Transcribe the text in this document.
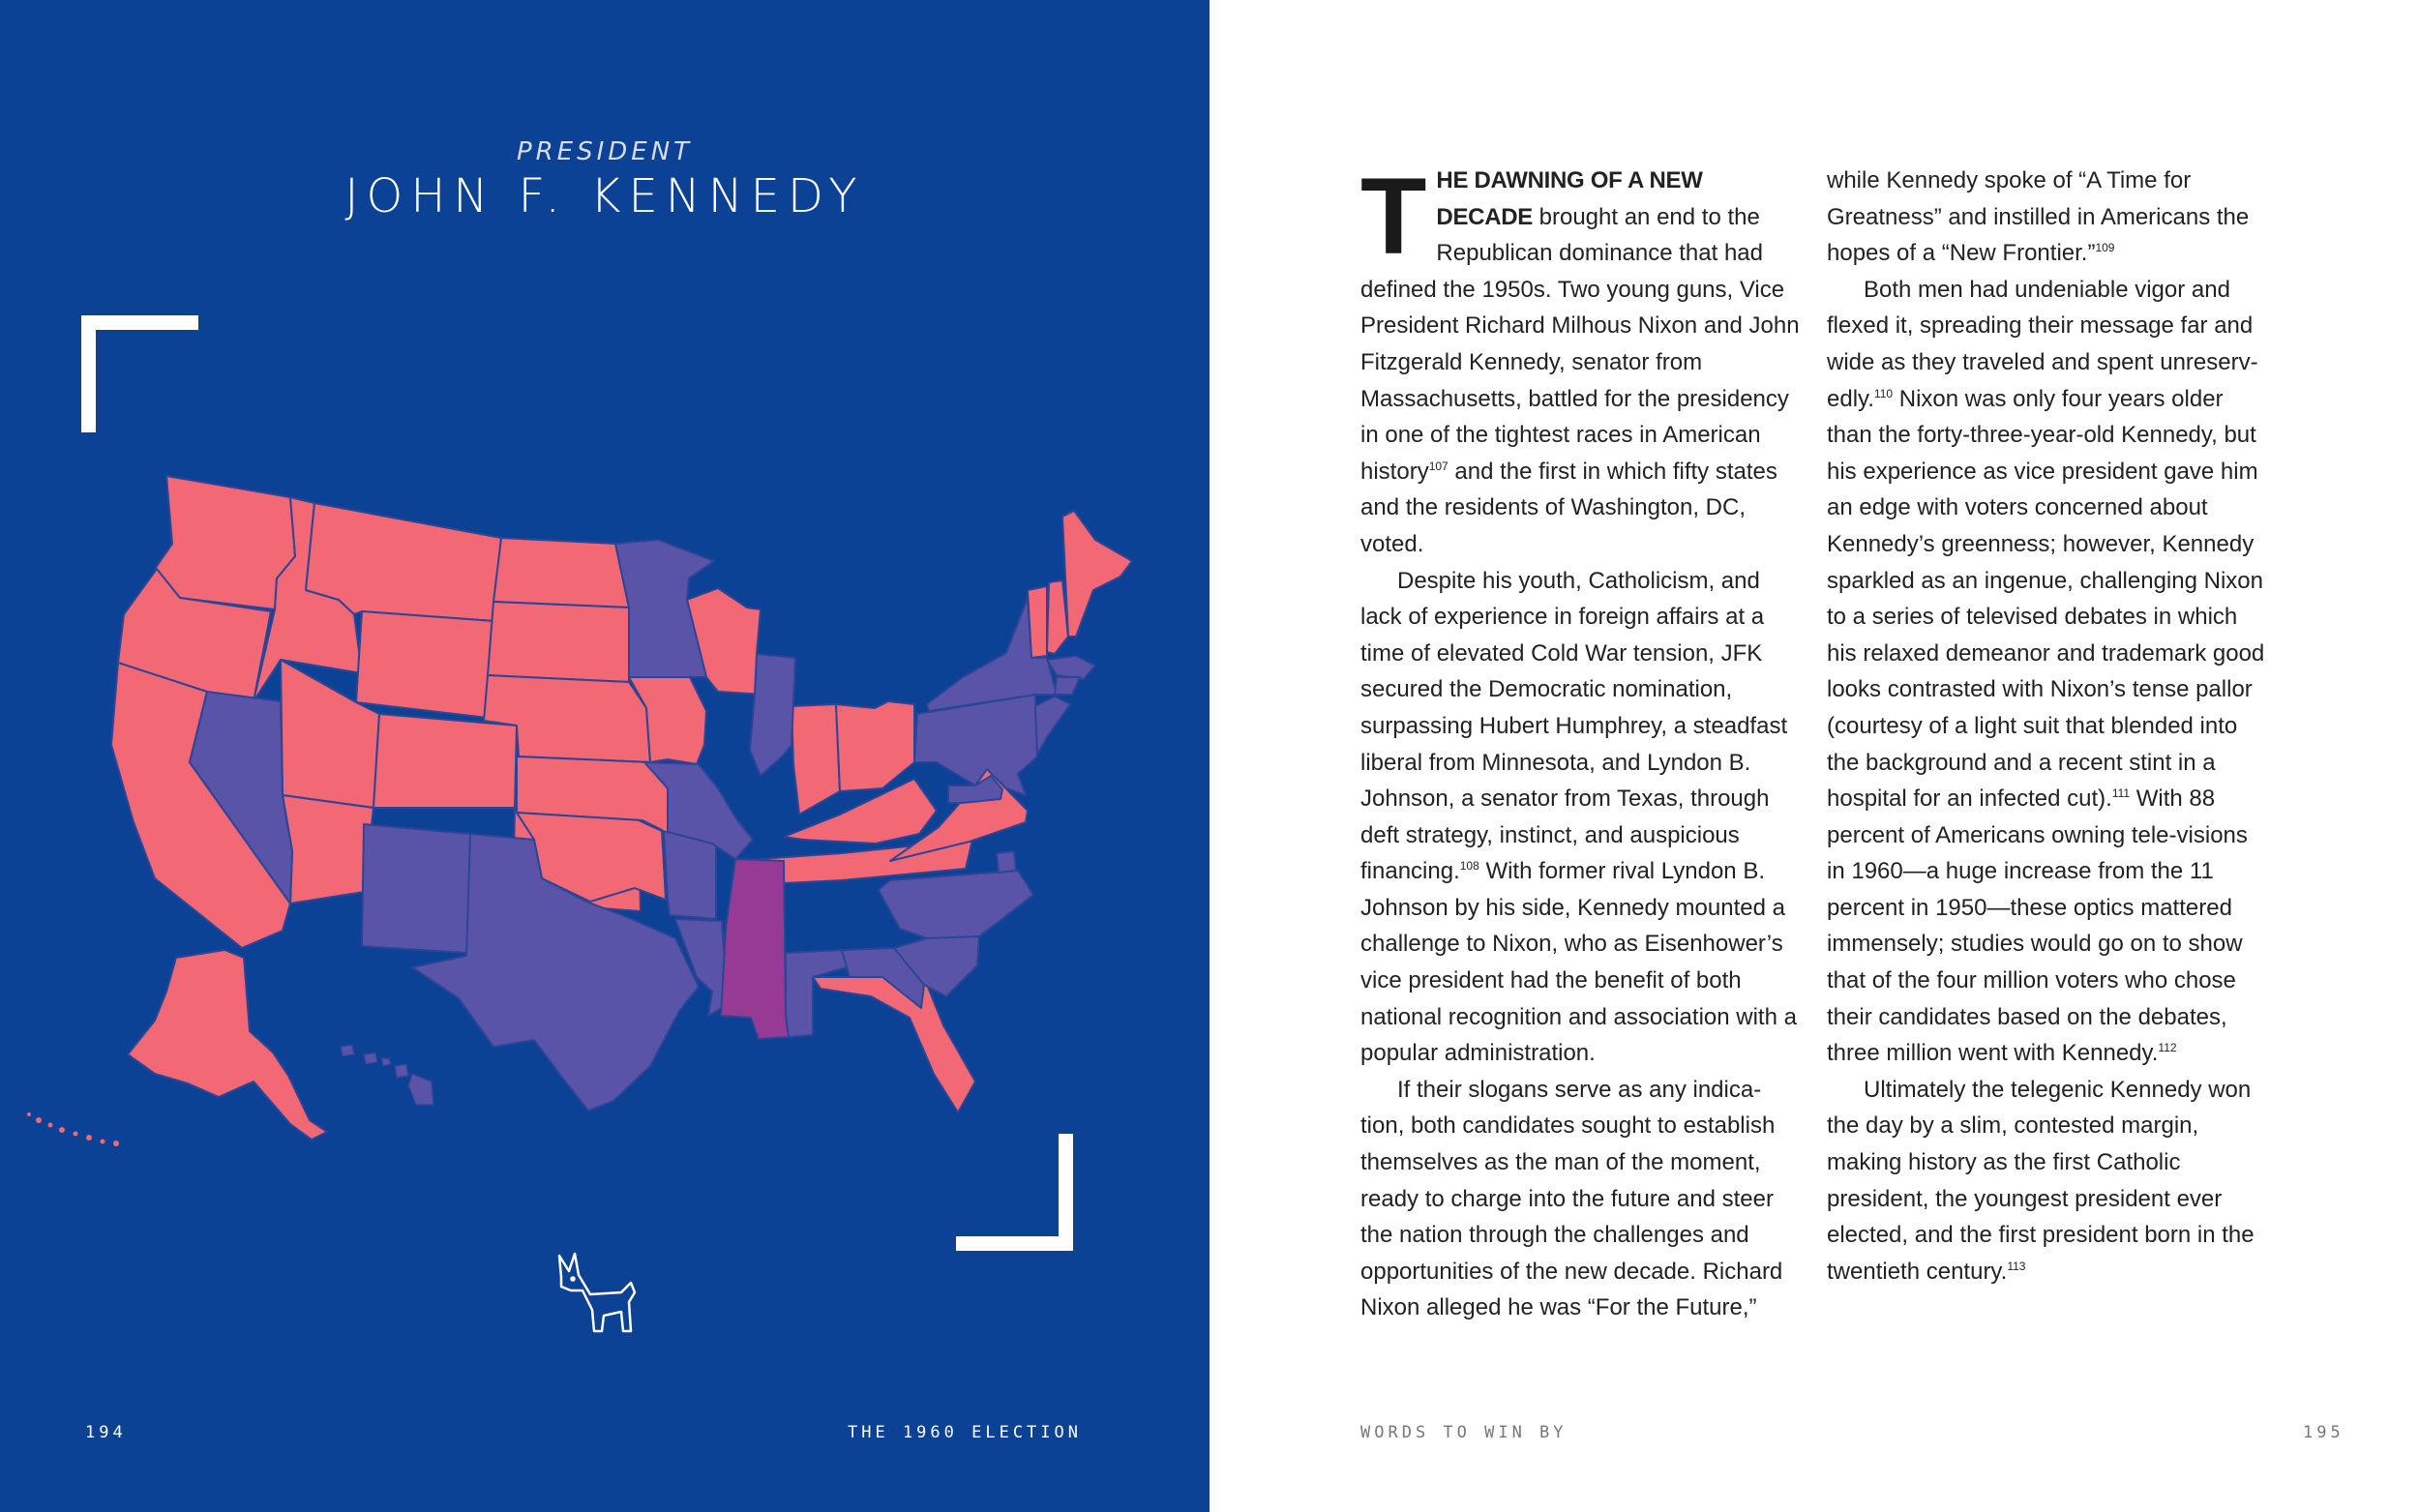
PRESIDENT
JOHN F. KENNEDY
194	THE 1960 ELECTION

THE DAWNING OF A NEW DECADE brought an end to the Republican dominance that had defined the 1950s. Two young guns, Vice President Richard Milhous Nixon and John Fitzgerald Kennedy, senator from Massachusetts, battled for the presidency in one of the tightest races in American history$^{107}$ and the first in which fifty states and the residents of Washington, DC, voted.

Despite his youth, Catholicism, and lack of experience in foreign affairs at a time of elevated Cold War tension, JFK secured the Democratic nomination, surpassing Hubert Humphrey, a steadfast liberal from Minnesota, and Lyndon B. Johnson, a senator from Texas, through deft strategy, instinct, and auspicious financing.$^{108}$ With former rival Lyndon B. Johnson by his side, Kennedy mounted a challenge to Nixon, who as Eisenhower’s vice president had the benefit of both national recognition and association with a popular administration.

If their slogans serve as any indica-tion, both candidates sought to establish themselves as the man of the moment, ready to charge into the future and steer the nation through the challenges and opportunities of the new decade. Richard Nixon alleged he was “For the Future,”

while Kennedy spoke of “A Time for Greatness” and instilled in Americans the hopes of a “New Frontier.”$^{109}$

Both men had undeniable vigor and flexed it, spreading their message far and wide as they traveled and spent unreserv-edly.$^{110}$ Nixon was only four years older than the forty-three-year-old Kennedy, but his experience as vice president gave him an edge with voters concerned about Kennedy’s greenness; however, Kennedy sparkled as an ingenue, challenging Nixon to a series of televised debates in which his relaxed demeanor and trademark good looks contrasted with Nixon’s tense pallor (courtesy of a light suit that blended into the background and a recent stint in a hospital for an infected cut).$^{111}$ With 88 percent of Americans owning tele-visions in 1960—a huge increase from the 11 percent in 1950—these optics mattered immensely; studies would go on to show that of the four million voters who chose their candidates based on the debates, three million went with Kennedy.$^{112}$

Ultimately the telegenic Kennedy won the day by a slim, contested margin, making history as the first Catholic president, the youngest president ever elected, and the first president born in the twentieth century.$^{113}$

WORDS TO WIN BY	195
